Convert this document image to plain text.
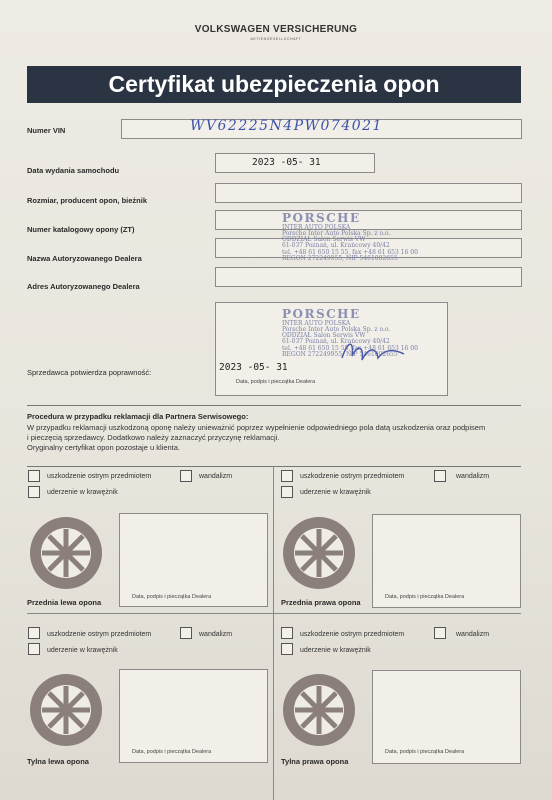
VOLKSWAGEN VERSICHERUNG
AKTIENGESELLSCHAFT
Certyfikat ubezpieczenia opon
Numer VIN	WV62225N4PW074021
Data wydania samochodu
2023 -05- 31
Rozmiar, producent opon, bieżnik
Numer katalogowy opony (ZT)
Nazwa Autoryzowanego Dealera
Adres Autoryzowanego Dealera
PORSCHE
INTER AUTO POLSKA
Porsche Inter Auto Polska Sp. z o.o.
ODDZIAŁ Salon Serwis VW
61-037 Poznań, ul. Krańcowy 40/42
tel. +48 61 650 15 55, fax +48 61 653 16 00
REGON 272249955, NIP 5461002655
PORSCHE
INTER AUTO POLSKA
Porsche Inter Auto Polska Sp. z o.o.
ODDZIAŁ Salon Serwis VW
61-037 Poznań, ul. Krańcowy 40/42
tel. +48 61 650 15 55, fax +48 61 653 16 00
REGON 272249955, NIP 5461002655
Sprzedawca potwierdza poprawność:	2023 -05- 31
Data, podpis i pieczątka Dealera
Procedura w przypadku reklamacji dla Partnera Serwisowego:
W przypadku reklamacji uszkodzoną oponę należy unieważnić poprzez wypełnienie odpowiedniego pola datą uszkodzenia oraz podpisem
i pieczęcią sprzedawcy. Dodatkowo należy zaznaczyć przyczynę reklamacji.
Oryginalny certyfikat opon pozostaje u klienta.
uszkodzenie ostrym przedmiotem	wandalizm
uderzenie w krawężnik
Data, podpis i pieczątka Dealera
Przednia lewa opona
uszkodzenie ostrym przedmiotem	wandalizm
uderzenie w krawężnik
Data, podpis i pieczątka Dealera
Przednia prawa opona
uszkodzenie ostrym przedmiotem	wandalizm
uderzenie w krawężnik
Data, podpis i pieczątka Dealera
Tylna lewa opona
uszkodzenie ostrym przedmiotem	wandalizm
uderzenie w krawężnik
Data, podpis i pieczątka Dealera
Tylna prawa opona
